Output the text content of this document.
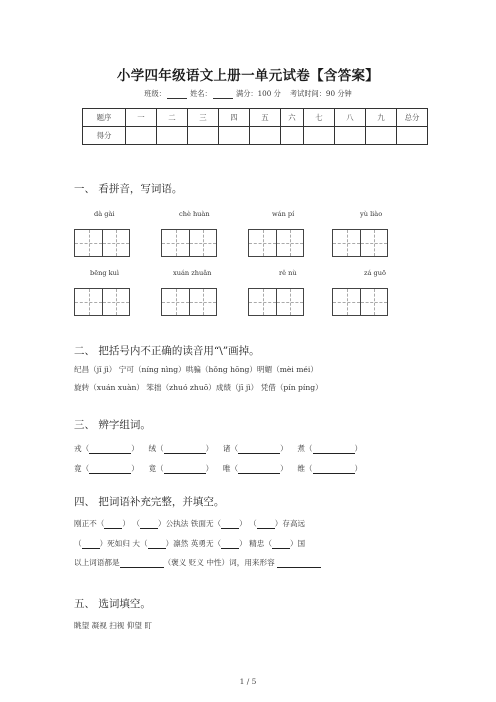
小学四年级语文上册一单元试卷【含答案】
班级：	姓名：	满分：100 分 考试时间：90 分钟
题序	一	二	三	四	五	六	七	八	九	总分
得分										
一、 看拼音，写词语。
dà gài	chè huàn	wán pí	yù liào
bēng kuì	xuán zhuǎn	rě nù	zá guō
二、 把括号内不正确的读音用“\”画掉。
纪昌（jǐ jì） 宁可（níng nìng）哄骗（hǒng hōng）明媚（mèi méi）
旋转（xuán xuàn） 笨拙（zhuó zhuō）成绩（jī jì） 凭借（pín píng）
三、 辨字组词。
戎（	）    绒（	）    诸（	）    煮（	）
竟（	）    竟（	）    唯（	）    维（	）
四、 把词语补充完整，并填空。
刚正不（ ） （ ）公执法 铁面无（ ） （ ）存高远
（ ）死如归 大（ ）凛然 英勇无（ ） 精忠（ ）国
以上词语都是	（褒义 贬义 中性）词，用来形容
五、 选词填空。
眺望 凝视 扫视 仰望 盯
1 / 5
